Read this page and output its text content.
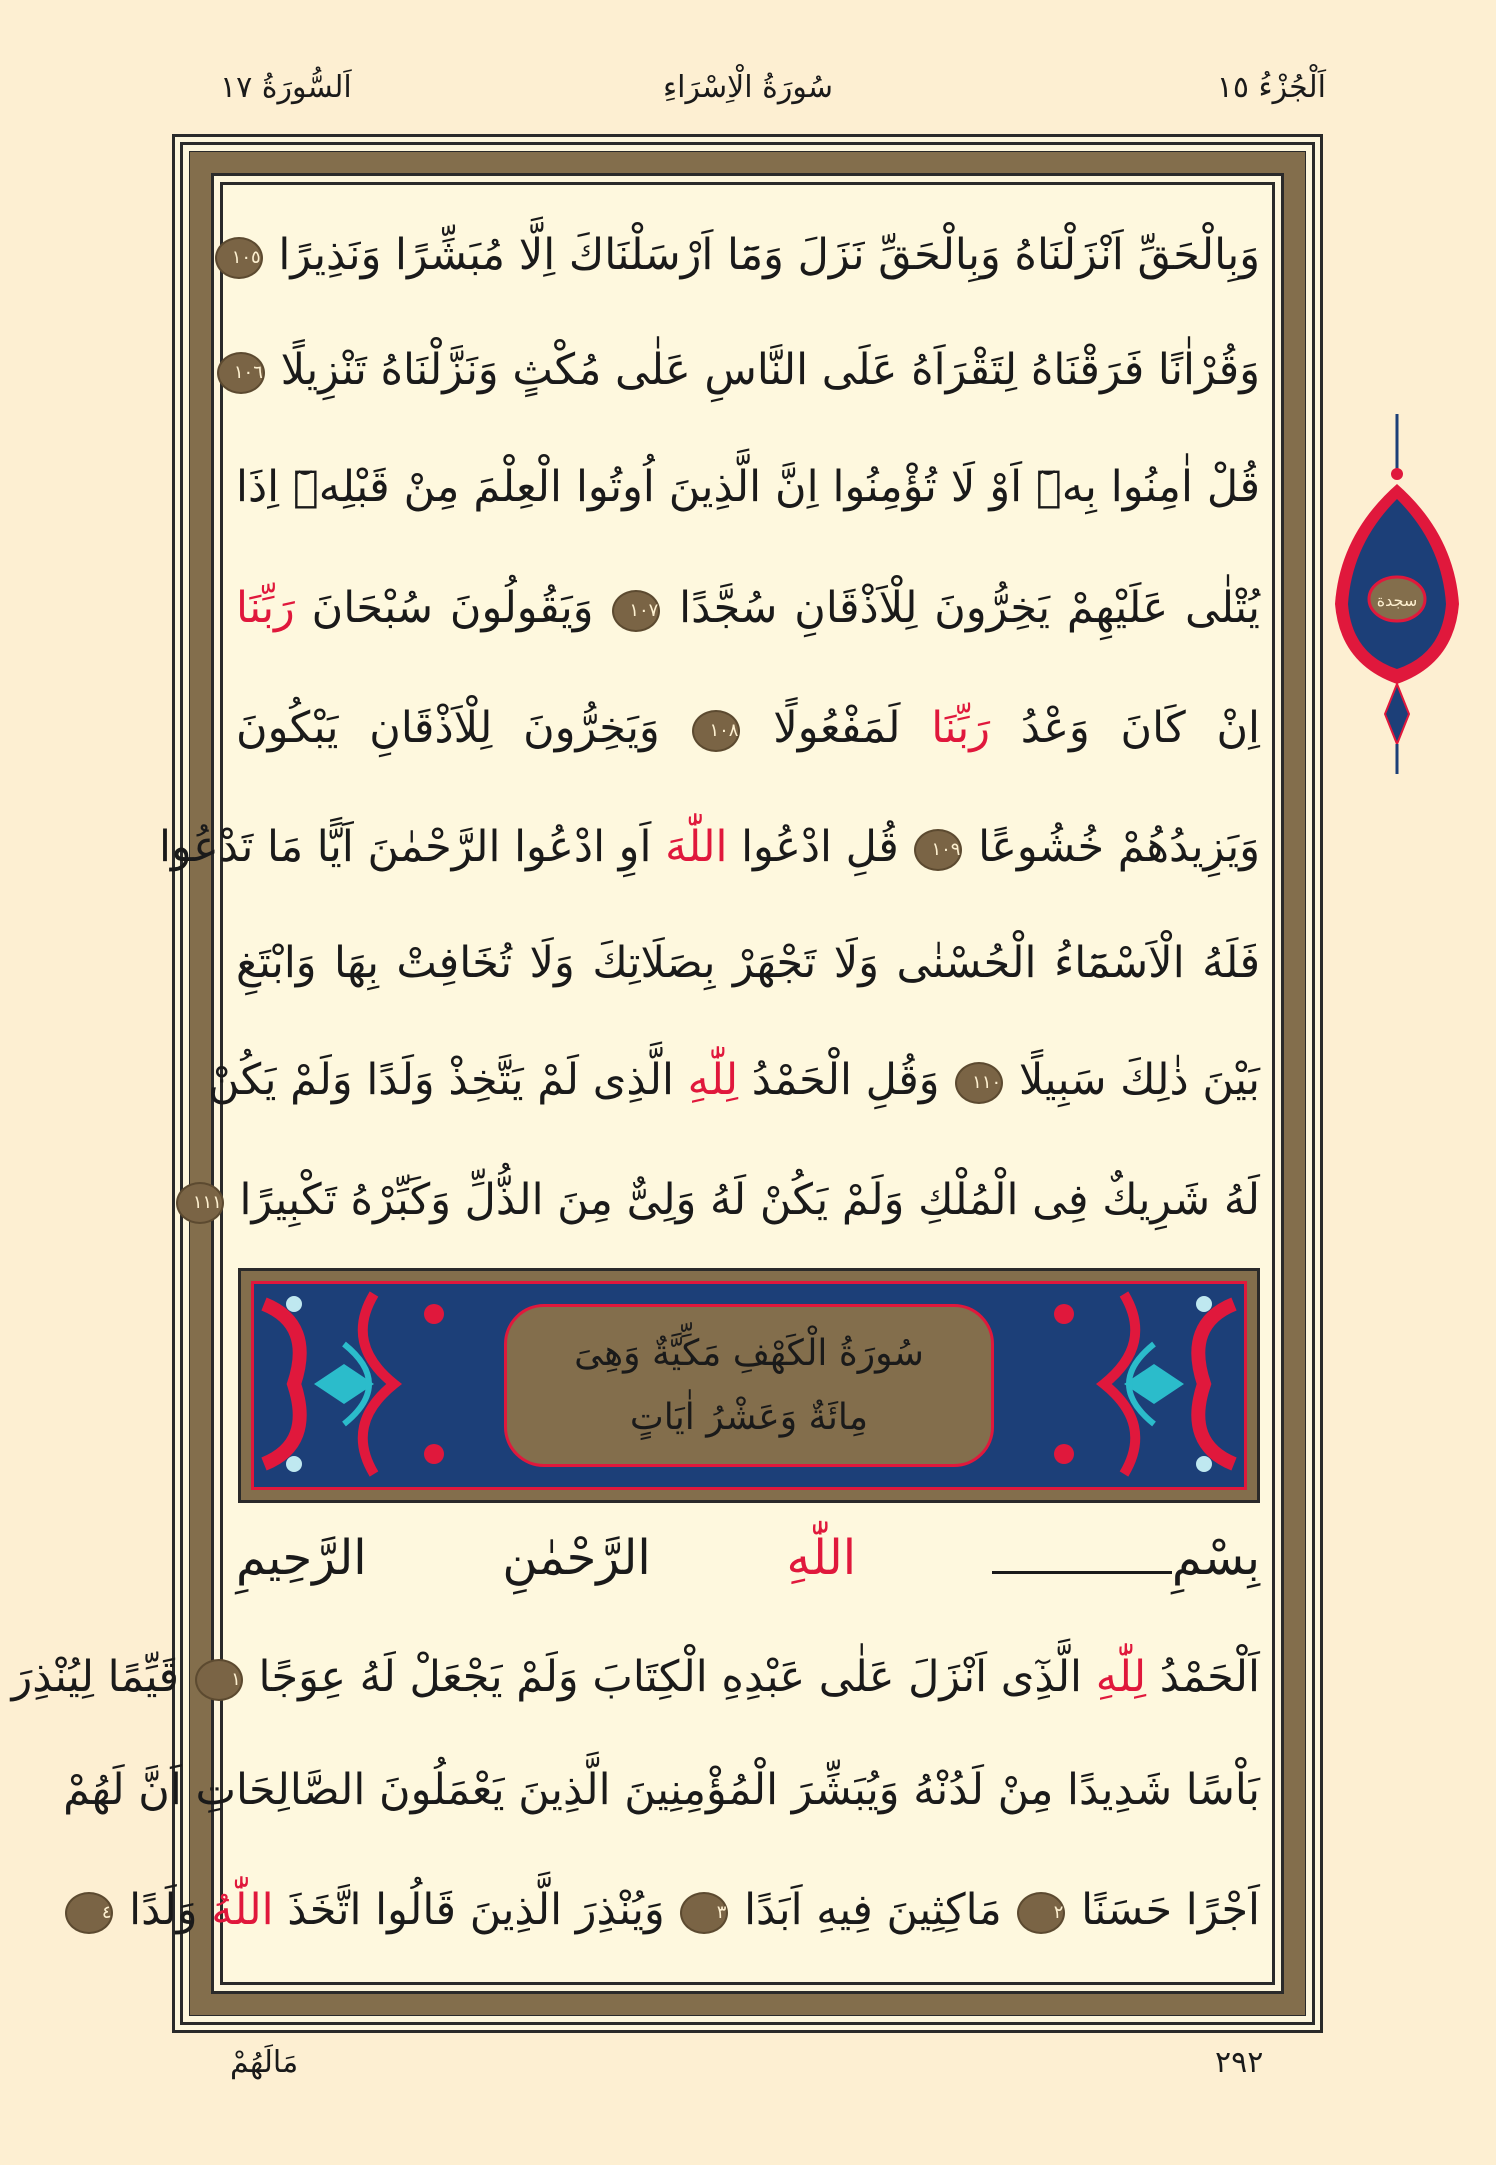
اَلْجُزْءُ ١٥
سُورَةُ الْاِسْرَاءِ
اَلسُّورَةُ ١٧
وَبِالْحَقِّ اَنْزَلْنَاهُ وَبِالْحَقِّ نَزَلَ وَمَٓا اَرْسَلْنَاكَ اِلَّا مُبَشِّرًا وَنَذِيرًا ١٠٥
وَقُرْاٰنًا فَرَقْنَاهُ لِتَقْرَاَهُ عَلَى النَّاسِ عَلٰى مُكْثٍ وَنَزَّلْنَاهُ تَنْزِيلًا ١٠٦
قُلْ اٰمِنُوا بِهٖٓ اَوْ لَا تُؤْمِنُوا اِنَّ الَّذِينَ اُوتُوا الْعِلْمَ مِنْ قَبْلِهٖٓ اِذَا
يُتْلٰى عَلَيْهِمْ يَخِرُّونَ لِلْاَذْقَانِ سُجَّدًا ١٠٧ وَيَقُولُونَ سُبْحَانَ رَبِّنَا
اِنْ كَانَ وَعْدُ رَبِّنَا لَمَفْعُولًا ١٠٨ وَيَخِرُّونَ لِلْاَذْقَانِ يَبْكُونَ
وَيَزِيدُهُمْ خُشُوعًا ١٠٩ قُلِ ادْعُوا اللّٰهَ اَوِ ادْعُوا الرَّحْمٰنَ اَيًّا مَا تَدْعُوا
فَلَهُ الْاَسْمَٓاءُ الْحُسْنٰى وَلَا تَجْهَرْ بِصَلَاتِكَ وَلَا تُخَافِتْ بِهَا وَابْتَغِ
بَيْنَ ذٰلِكَ سَبِيلًا ١١٠ وَقُلِ الْحَمْدُ لِلّٰهِ الَّذِى لَمْ يَتَّخِذْ وَلَدًا وَلَمْ يَكُنْ
لَهُ شَرِيكٌ فِى الْمُلْكِ وَلَمْ يَكُنْ لَهُ وَلِىٌّ مِنَ الذُّلِّ وَكَبِّرْهُ تَكْبِيرًا ١١١
سُورَةُ الْكَهْفِ مَكِّيَّةٌ وَهِىَ
مِائَةٌ وَعَشْرُ اٰيَاتٍ
بِسْمِ
اللّٰهِ
الرَّحْمٰنِ
الرَّحِيمِ
اَلْحَمْدُ لِلّٰهِ الَّذِٓى اَنْزَلَ عَلٰى عَبْدِهِ الْكِتَابَ وَلَمْ يَجْعَلْ لَهُ عِوَجًا ١ قَيِّمًا لِيُنْذِرَ
بَاْسًا شَدِيدًا مِنْ لَدُنْهُ وَيُبَشِّرَ الْمُؤْمِنِينَ الَّذِينَ يَعْمَلُونَ الصَّالِحَاتِ اَنَّ لَهُمْ
اَجْرًا حَسَنًا ٢ مَاكِثِينَ فِيهِ اَبَدًا ٣ وَيُنْذِرَ الَّذِينَ قَالُوا اتَّخَذَ اللّٰهُ وَلَدًا ٤
سجدة
مَالَهُمْ	٢٩٢
